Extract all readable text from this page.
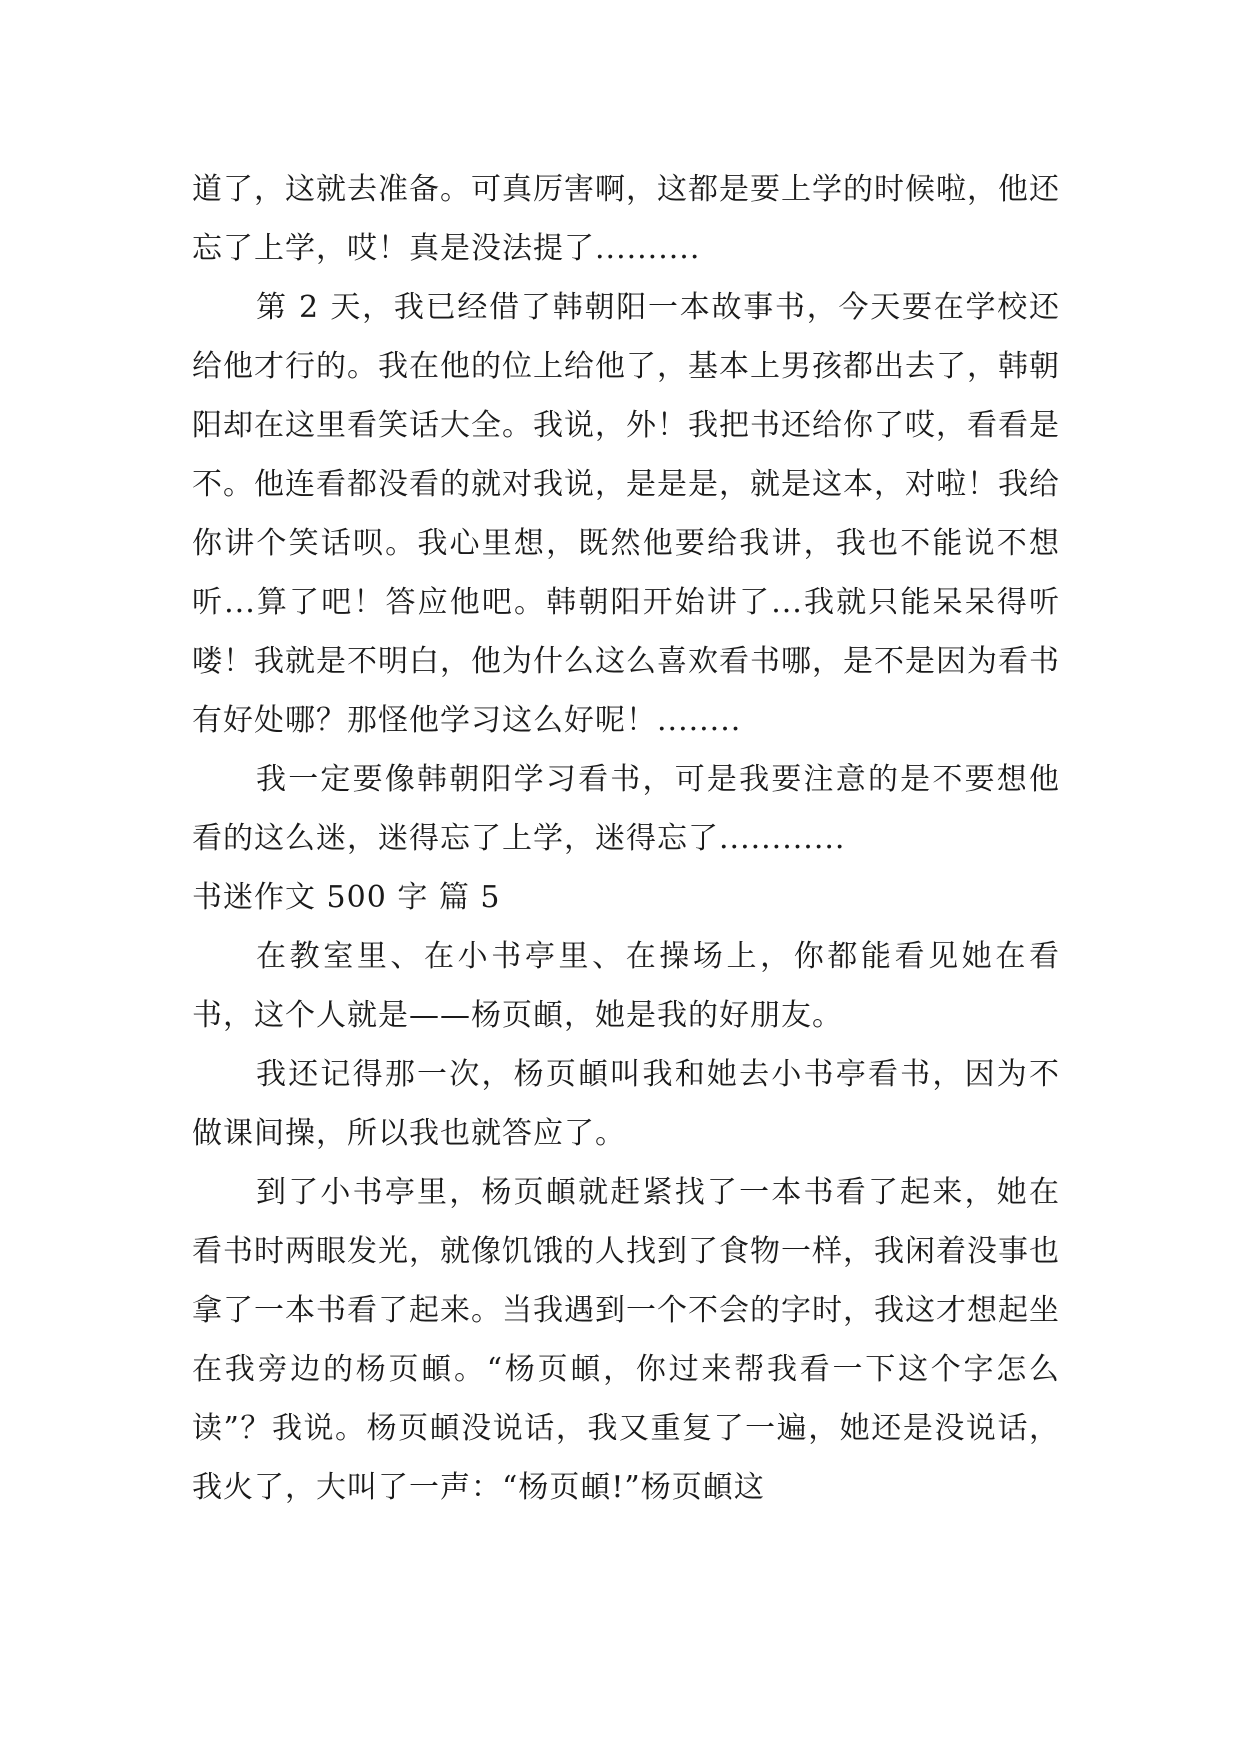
道了，这就去准备。可真厉害啊，这都是要上学的时候啦，他还忘了上学，哎！真是没法提了..........

第 2 天，我已经借了韩朝阳一本故事书，今天要在学校还给他才行的。我在他的位上给他了，基本上男孩都出去了，韩朝阳却在这里看笑话大全。我说，外！我把书还给你了哎，看看是不。他连看都没看的就对我说，是是是，就是这本，对啦！我给你讲个笑话呗。我心里想，既然他要给我讲，我也不能说不想听...算了吧！答应他吧。韩朝阳开始讲了...我就只能呆呆得听喽！我就是不明白，他为什么这么喜欢看书哪，是不是因为看书有好处哪？那怪他学习这么好呢！........

我一定要像韩朝阳学习看书，可是我要注意的是不要想他看的这么迷，迷得忘了上学，迷得忘了............

书迷作文 500 字 篇 5

在教室里、在小书亭里、在操场上，你都能看见她在看书，这个人就是——杨页頔，她是我的好朋友。

我还记得那一次，杨页頔叫我和她去小书亭看书，因为不做课间操，所以我也就答应了。

到了小书亭里，杨页頔就赶紧找了一本书看了起来，她在看书时两眼发光，就像饥饿的人找到了食物一样，我闲着没事也拿了一本书看了起来。当我遇到一个不会的字时，我这才想起坐在我旁边的杨页頔。“杨页頔，你过来帮我看一下这个字怎么读”？我说。杨页頔没说话，我又重复了一遍，她还是没说话，我火了，大叫了一声：“杨页頔!”杨页頔这
